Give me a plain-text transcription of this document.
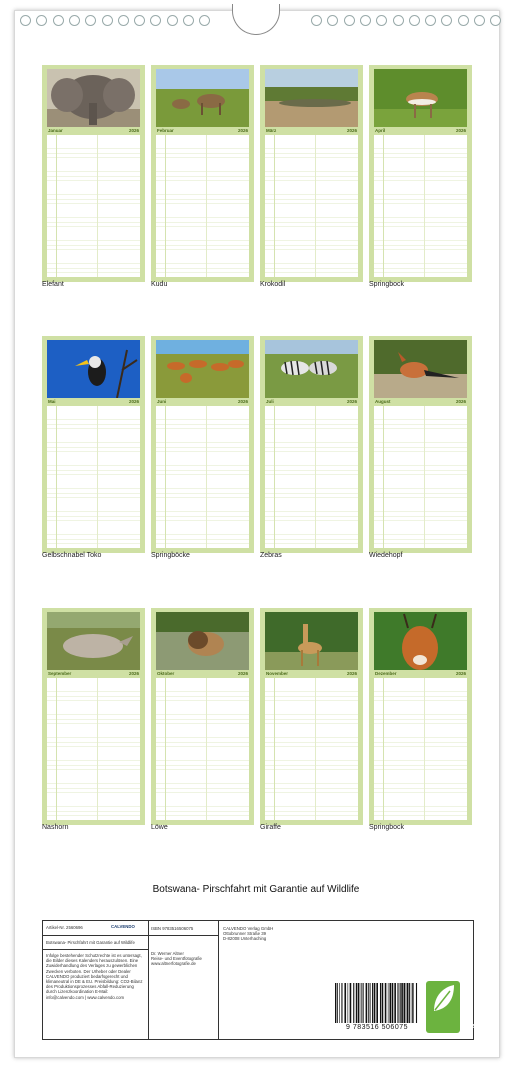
Januar	2026
Elefant
Februar	2026
Kudu
März	2026
Krokodil
April	2026
Springbock
Mai	2026
Gelbschnabel Toko
Juni	2026
Springböcke
Juli	2026
Zebras
August	2026
Wiedehopf
September	2026
Nashorn
Oktober	2026
Löwe
November	2026
Giraffe
Dezember	2026
Springbock
Botswana- Pirschfahrt mit Garantie auf Wildlife
Artikel-Nr. 2560696	CALVENDO
Botswana- Pirschfahrt mit Garantie auf Wildlife
Infolge bestehender Schutzrechte ist es untersagt, die Bilder dieses Kalenders herauszulösen. Eine Zuwiderhandlung des Verlages zu gewerblichen Zwecken verboten. Der Urheber oder Dealer CALVENDO produziert bedarfsgerecht und klimaneutral in DE & EU. Preisbildung: CO2-Bilanz des Produktionsprozesses Abfall-Reduzierung durch Lizenzkoordination E-Mail: info@calvendo.com | www.calvendo.com
ISBN 9783516506075
Dr. Werner Altner
Reise- und Eventfotografie
www.altnerfotografie.de
CALVENDO Verlag GmbH
Ottobrunner Straße 39
D-82008 Unterhaching
9 783516 506075	eco
